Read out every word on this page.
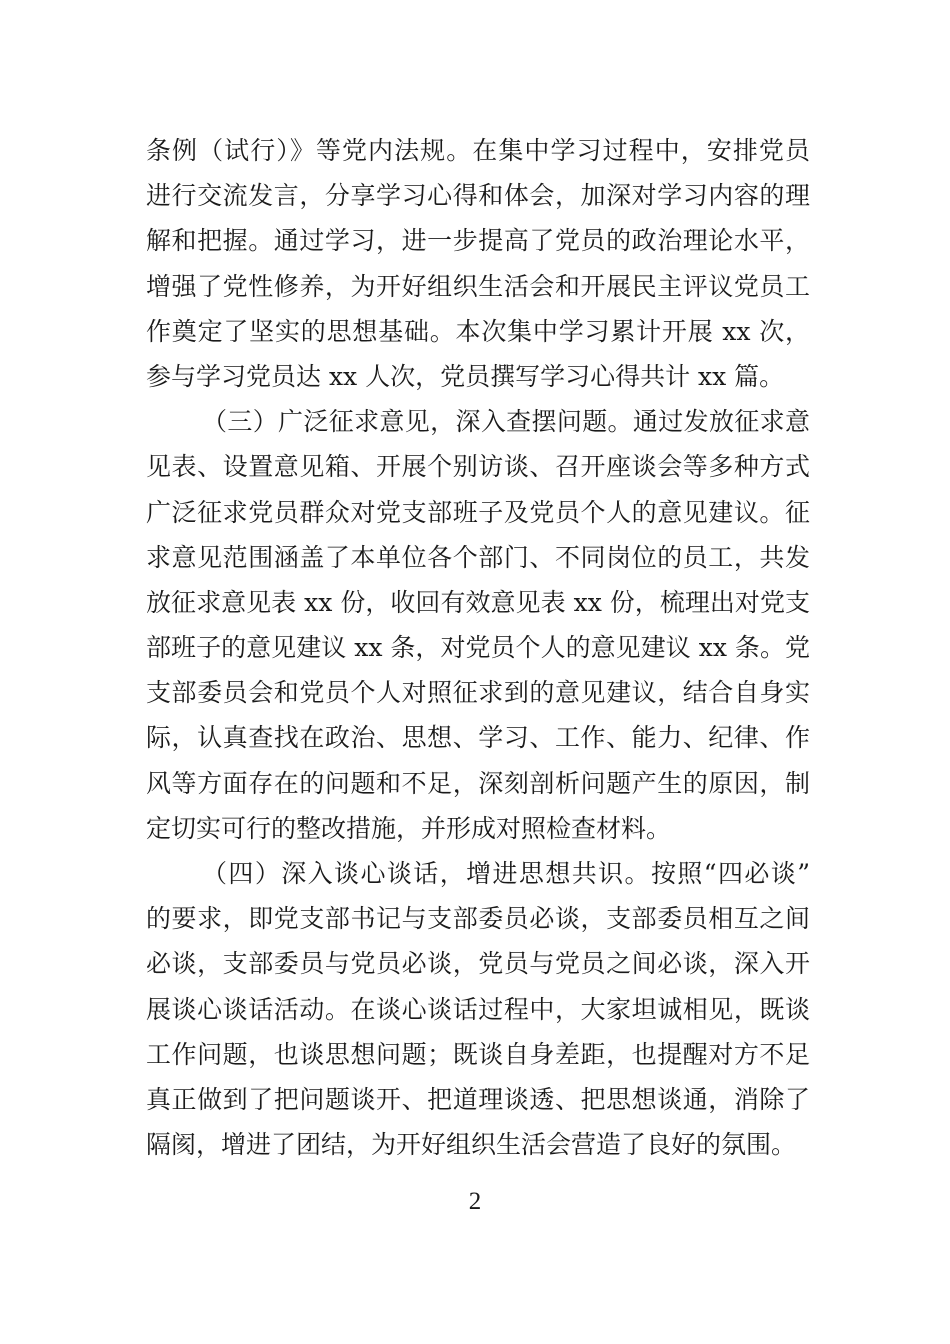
条例（试行）》等党内法规。在集中学习过程中，安排党员
进行交流发言，分享学习心得和体会，加深对学习内容的理
解和把握。通过学习，进一步提高了党员的政治理论水平，
增强了党性修养，为开好组织生活会和开展民主评议党员工
作奠定了坚实的思想基础。本次集中学习累计开展 xx 次，
参与学习党员达 xx 人次，党员撰写学习心得共计 xx 篇。
（三）广泛征求意见，深入查摆问题。通过发放征求意
见表、设置意见箱、开展个别访谈、召开座谈会等多种方式
广泛征求党员群众对党支部班子及党员个人的意见建议。征
求意见范围涵盖了本单位各个部门、不同岗位的员工，共发
放征求意见表 xx 份，收回有效意见表 xx 份，梳理出对党支
部班子的意见建议 xx 条，对党员个人的意见建议 xx 条。党
支部委员会和党员个人对照征求到的意见建议，结合自身实
际，认真查找在政治、思想、学习、工作、能力、纪律、作
风等方面存在的问题和不足，深刻剖析问题产生的原因，制
定切实可行的整改措施，并形成对照检查材料。
（四）深入谈心谈话，增进思想共识。按照“四必谈”
的要求，即党支部书记与支部委员必谈，支部委员相互之间
必谈，支部委员与党员必谈，党员与党员之间必谈，深入开
展谈心谈话活动。在谈心谈话过程中，大家坦诚相见，既谈
工作问题，也谈思想问题；既谈自身差距，也提醒对方不足
真正做到了把问题谈开、把道理谈透、把思想谈通，消除了
隔阂，增进了团结，为开好组织生活会营造了良好的氛围。
2
